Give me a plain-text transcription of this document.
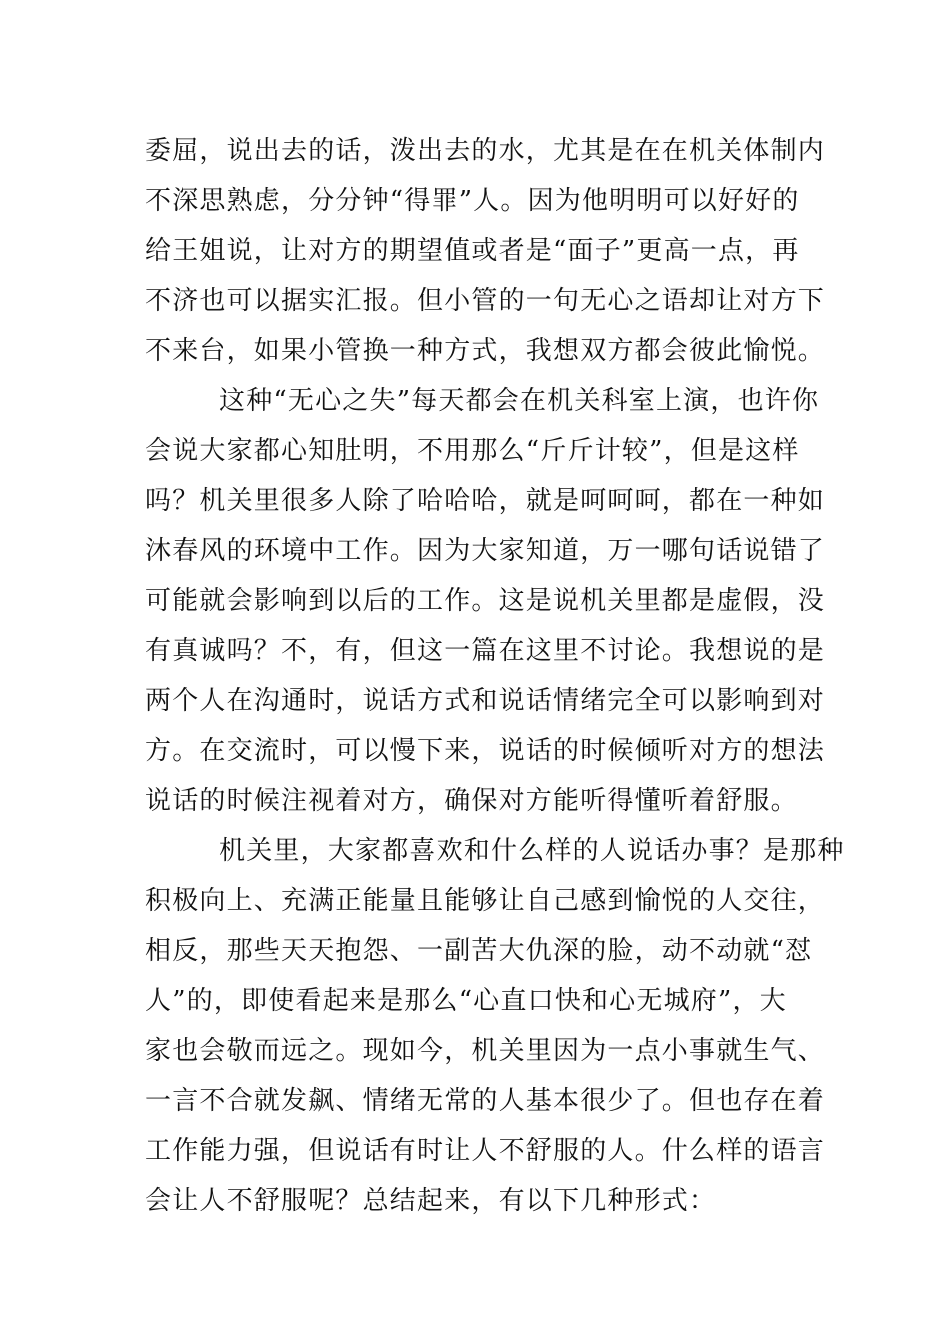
委屈，说出去的话，泼出去的水，尤其是在在机关体制内
不深思熟虑，分分钟“得罪”人。因为他明明可以好好的
给王姐说，让对方的期望值或者是“面子”更高一点，再
不济也可以据实汇报。但小管的一句无心之语却让对方下
不来台，如果小管换一种方式，我想双方都会彼此愉悦。
这种“无心之失”每天都会在机关科室上演，也许你
会说大家都心知肚明，不用那么“斤斤计较”，但是这样
吗？机关里很多人除了哈哈哈，就是呵呵呵，都在一种如
沐春风的环境中工作。因为大家知道，万一哪句话说错了
可能就会影响到以后的工作。这是说机关里都是虚假，没
有真诚吗？不，有，但这一篇在这里不讨论。我想说的是
两个人在沟通时，说话方式和说话情绪完全可以影响到对
方。在交流时，可以慢下来，说话的时候倾听对方的想法
说话的时候注视着对方，确保对方能听得懂听着舒服。
机关里，大家都喜欢和什么样的人说话办事？是那种
积极向上、充满正能量且能够让自己感到愉悦的人交往，
相反，那些天天抱怨、一副苦大仇深的脸，动不动就“怼
人”的，即使看起来是那么“心直口快和心无城府”，大
家也会敬而远之。现如今，机关里因为一点小事就生气、
一言不合就发飙、情绪无常的人基本很少了。但也存在着
工作能力强，但说话有时让人不舒服的人。什么样的语言
会让人不舒服呢？总结起来，有以下几种形式：
